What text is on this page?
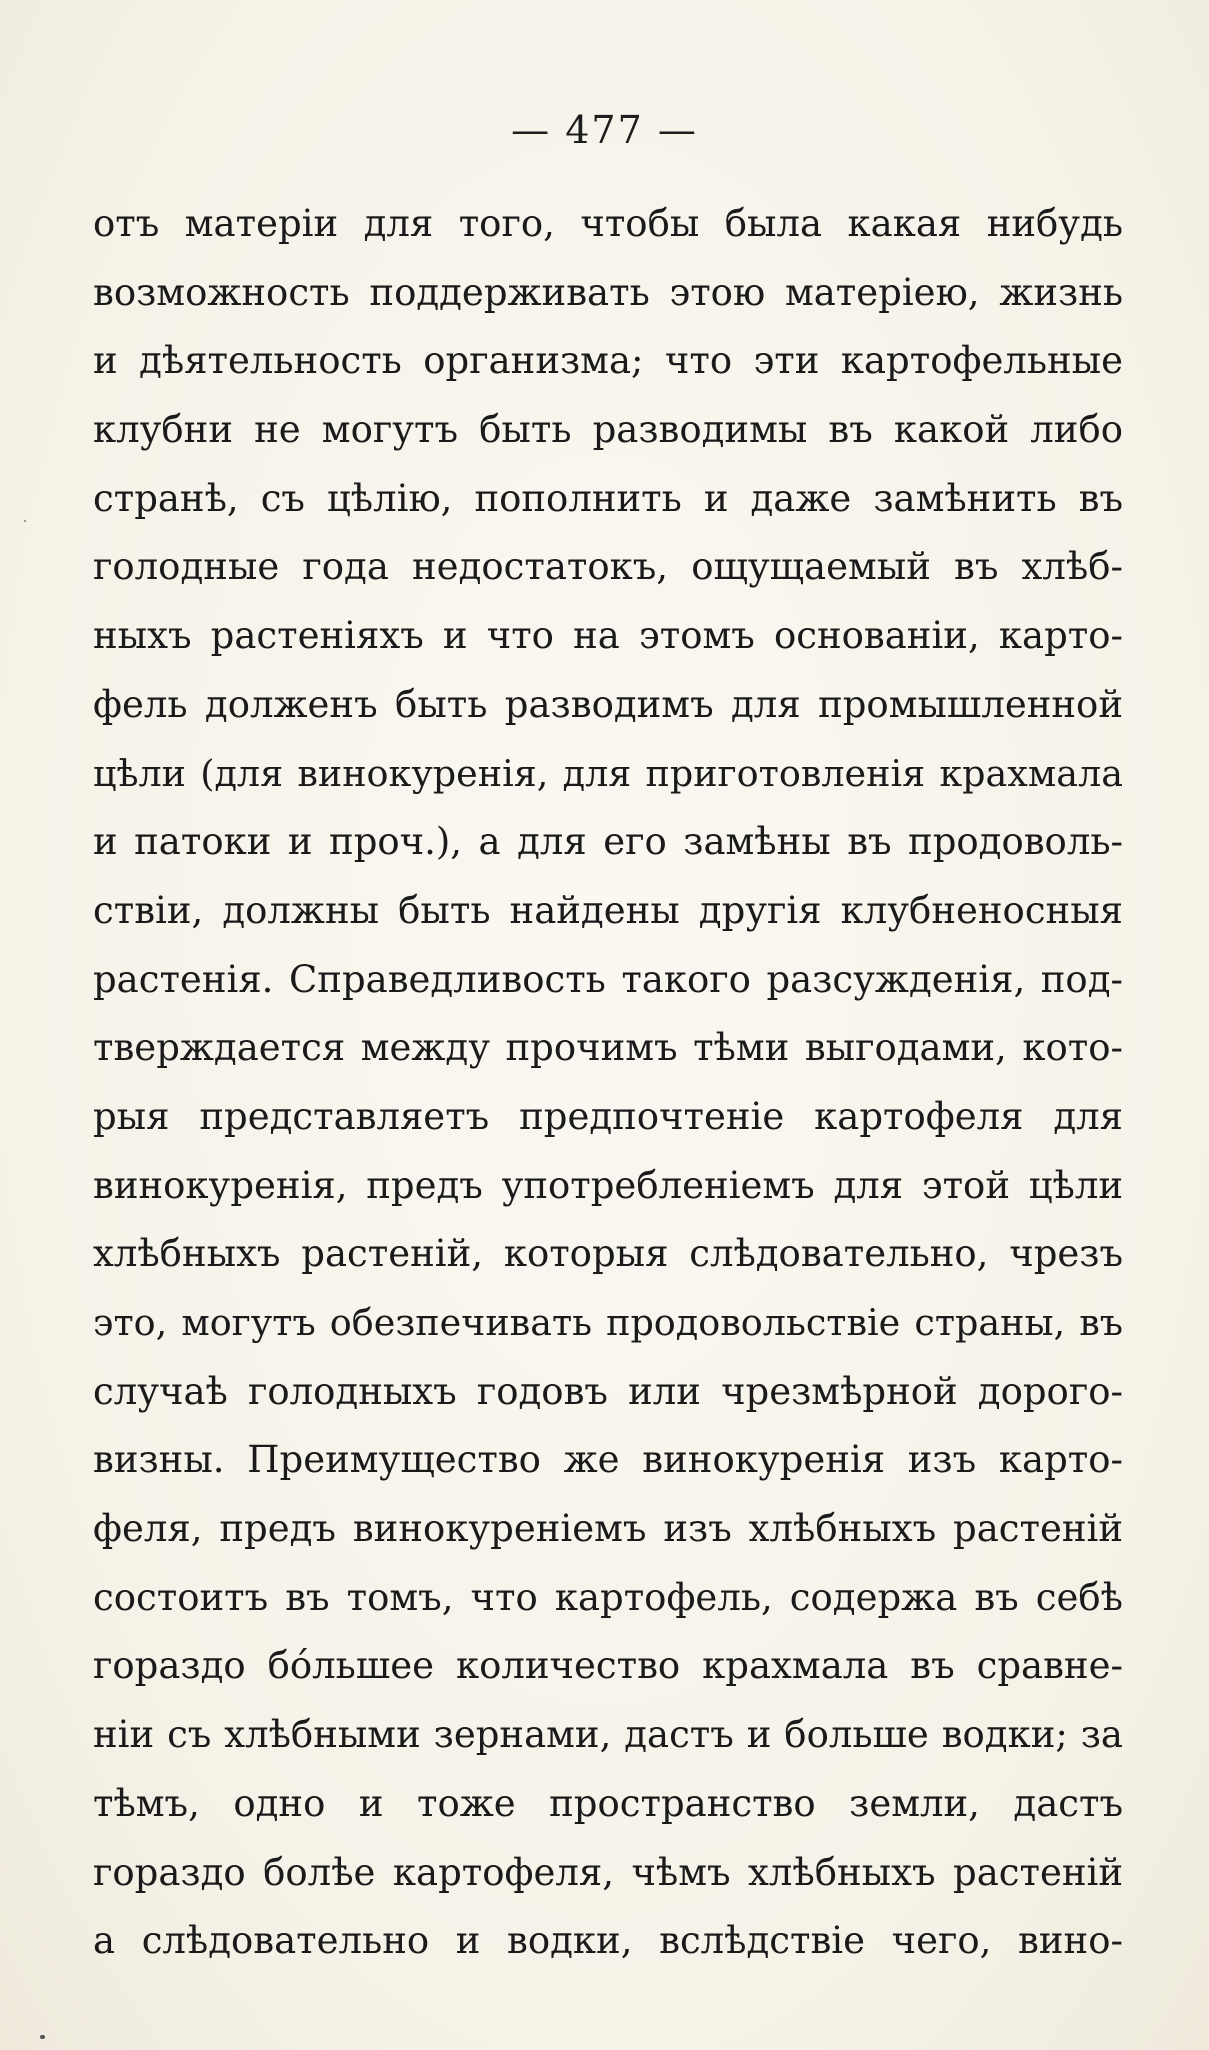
— 477 —
отъ матеріи для того, чтобы была какая нибудь
возможность поддерживать этою матеріею, жизнь
и дѣятельность организма; что эти картофельные
клубни не могутъ быть разводимы въ какой либо
странѣ, съ цѣлію, пополнить и даже замѣнить въ
голодные года недостатокъ, ощущаемый въ хлѣб-
ныхъ растеніяхъ и что на этомъ основаніи, карто-
фель долженъ быть разводимъ для промышленной
цѣли (для винокуренія, для приготовленія крахмала
и патоки и проч.), а для его замѣны въ продоволь-
ствіи, должны быть найдены другія клубненосныя
растенія. Справедливость такого разсужденія, под-
тверждается между прочимъ тѣми выгодами, кото-
рыя представляетъ предпочтеніе картофеля для
винокуренія, предъ употребленіемъ для этой цѣли
хлѣбныхъ растеній, которыя слѣдовательно, чрезъ
это, могутъ обезпечивать продовольствіе страны, въ
случаѣ голодныхъ годовъ или чрезмѣрной дорого-
визны. Преимущество же винокуренія изъ карто-
феля, предъ винокуреніемъ изъ хлѣбныхъ растеній
состоитъ въ томъ, что картофель, содержа въ себѣ
гораздо бóльшее количество крахмала въ сравне-
ніи съ хлѣбными зернами, дастъ и больше водки; за
тѣмъ, одно и тоже пространство земли, дастъ
гораздо болѣе картофеля, чѣмъ хлѣбныхъ растеній
а слѣдовательно и водки, вслѣдствіе чего, вино-
